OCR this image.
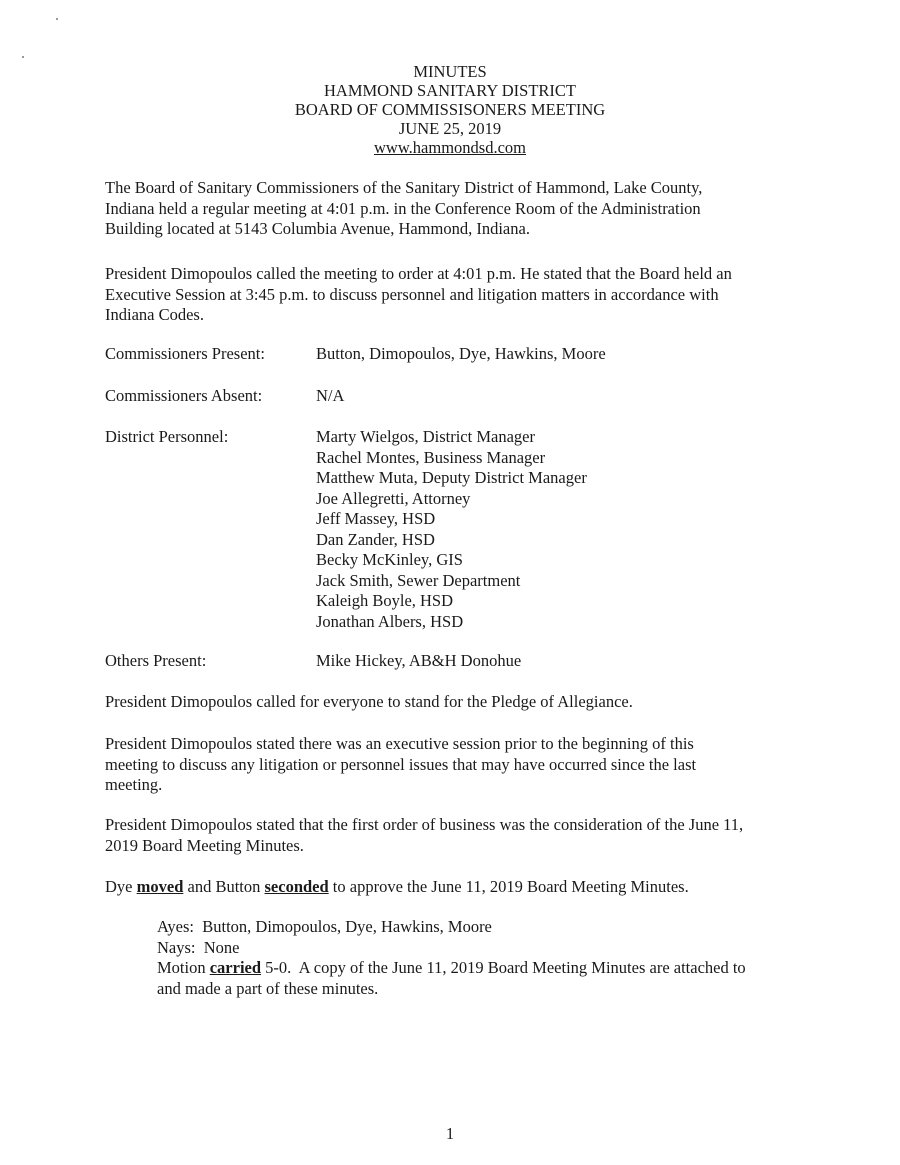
MINUTES
HAMMOND SANITARY DISTRICT
BOARD OF COMMISSISONERS MEETING
JUNE 25, 2019
www.hammondsd.com
The Board of Sanitary Commissioners of the Sanitary District of Hammond, Lake County,
Indiana held a regular meeting at 4:01 p.m. in the Conference Room of the Administration
Building located at 5143 Columbia Avenue, Hammond, Indiana.
President Dimopoulos called the meeting to order at 4:01 p.m. He stated that the Board held an
Executive Session at 3:45 p.m. to discuss personnel and litigation matters in accordance with
Indiana Codes.
Commissioners Present:	Button, Dimopoulos, Dye, Hawkins, Moore
Commissioners Absent:	N/A
District Personnel:	Marty Wielgos, District Manager
Rachel Montes, Business Manager
Matthew Muta, Deputy District Manager
Joe Allegretti, Attorney
Jeff Massey, HSD
Dan Zander, HSD
Becky McKinley, GIS
Jack Smith, Sewer Department
Kaleigh Boyle, HSD
Jonathan Albers, HSD
Others Present:	Mike Hickey, AB&H Donohue
President Dimopoulos called for everyone to stand for the Pledge of Allegiance.
President Dimopoulos stated there was an executive session prior to the beginning of this
meeting to discuss any litigation or personnel issues that may have occurred since the last
meeting.
President Dimopoulos stated that the first order of business was the consideration of the June 11,
2019 Board Meeting Minutes.
Dye moved and Button seconded to approve the June 11, 2019 Board Meeting Minutes.
Ayes:  Button, Dimopoulos, Dye, Hawkins, Moore
Nays:  None
Motion carried 5-0.  A copy of the June 11, 2019 Board Meeting Minutes are attached to
and made a part of these minutes.
1
